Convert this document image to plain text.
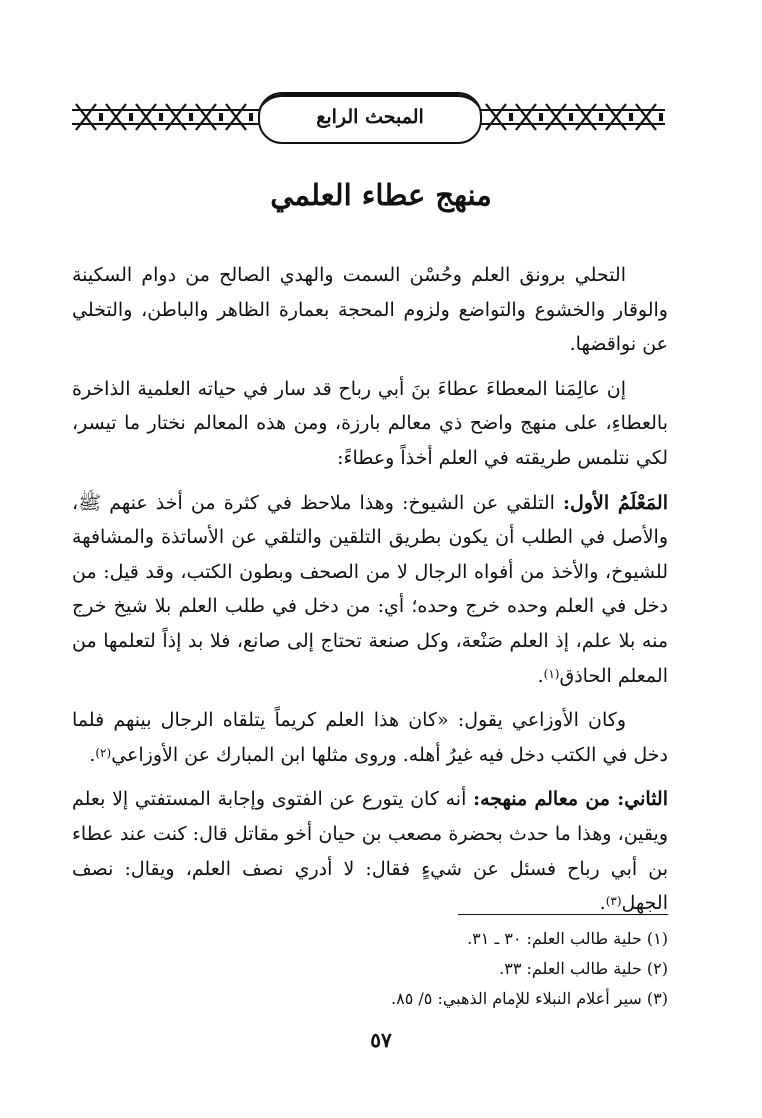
المبحث الرابع
منهج عطاء العلمي

التحلي برونق العلم وحُسْن السمت والهدي الصالح من دوام السكينة والوقار والخشوع والتواضع ولزوم المحجة بعمارة الظاهر والباطن، والتخلي عن نواقضها.

إن عالِمَنا المعطاءَ عطاءَ بنَ أبي رباح قد سار في حياته العلمية الذاخرة بالعطاءِ، على منهج واضح ذي معالم بارزة، ومن هذه المعالم نختار ما تيسر، لكي نتلمس طريقته في العلم أخذاً وعطاءً:

المَعْلَمُ الأول: التلقي عن الشيوخ: وهذا ملاحظ في كثرة من أخذ عنهم ﷺ، والأصل في الطلب أن يكون بطريق التلقين والتلقي عن الأساتذة والمشافهة للشيوخ، والأخذ من أفواه الرجال لا من الصحف وبطون الكتب، وقد قيل: من دخل في العلم وحده خرج وحده؛ أي: من دخل في طلب العلم بلا شيخ خرج منه بلا علم، إذ العلم صَنْعة، وكل صنعة تحتاج إلى صانع، فلا بد إذاً لتعلمها من المعلم الحاذق$^{(١)}$.

وكان الأوزاعي يقول: «كان هذا العلم كريماً يتلقاه الرجال بينهم فلما دخل في الكتب دخل فيه غيرُ أهله. وروى مثلها ابن المبارك عن الأوزاعي$^{(٢)}$.

الثاني: من معالم منهجه: أنه كان يتورع عن الفتوى وإجابة المستفتي إلا بعلم ويقين، وهذا ما حدث بحضرة مصعب بن حيان أخو مقاتل قال: كنت عند عطاء بن أبي رباح فسئل عن شيءٍ فقال: لا أدري نصف العلم، ويقال: نصف الجهل$^{(٣)}$.

(١) حلية طالب العلم: ٣٠ ـ ٣١.
(٢) حلية طالب العلم: ٣٣.
(٣) سير أعلام النبلاء للإمام الذهبي: ٥/ ٨٥.
٥٧
